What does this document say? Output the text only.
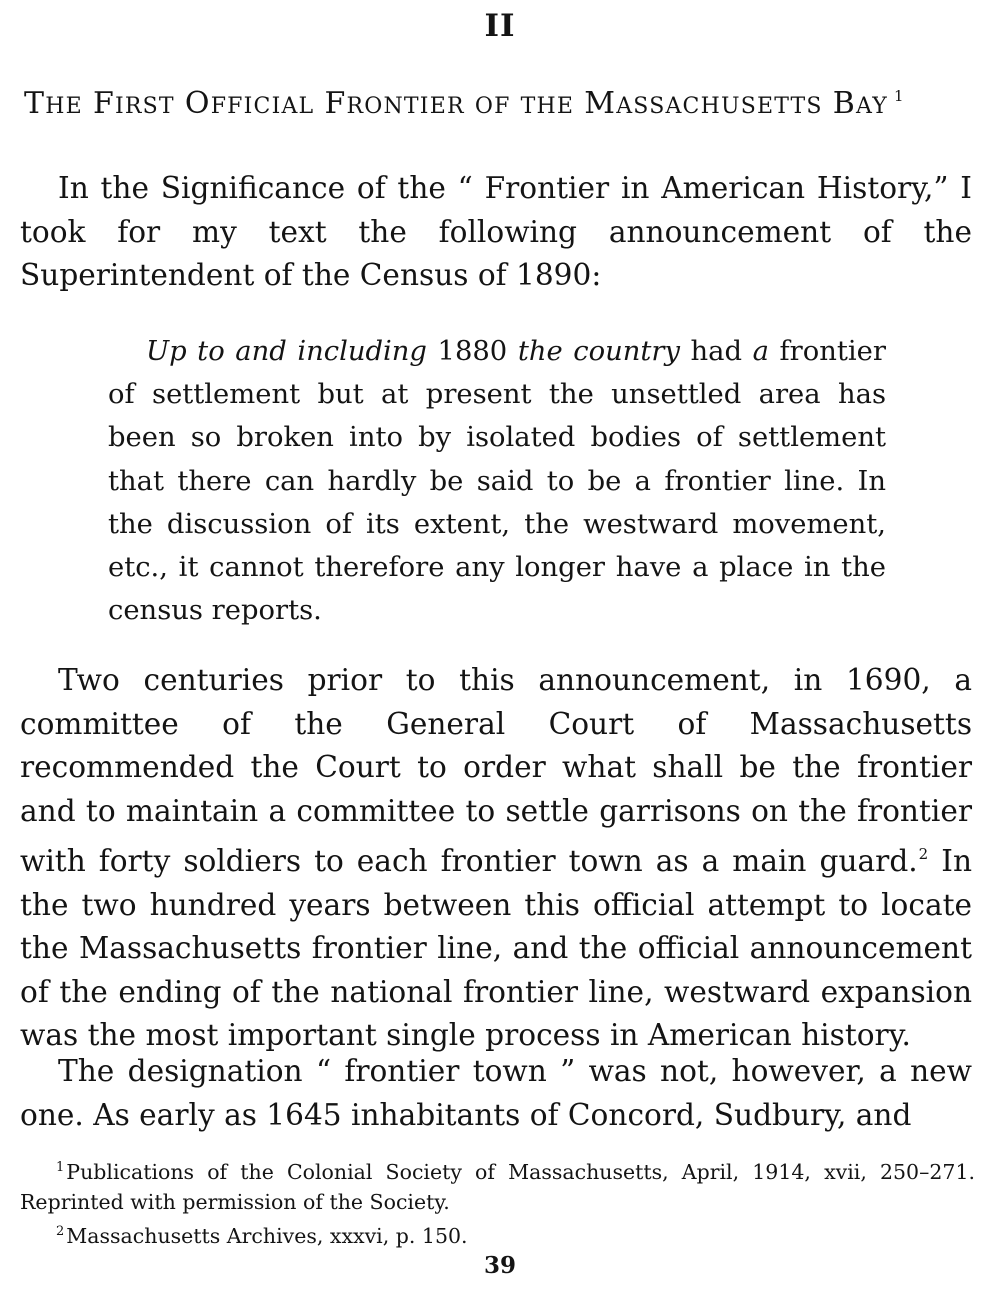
II
THE FIRST OFFICIAL FRONTIER OF THE MASSACHUSETTS BAY $^1$
In the Significance of the “ Frontier in American History,” I took for my text the following announcement of the Superintendent of the Census of 1890:
Up to and including 1880 the country had a frontier of settlement but at present the unsettled area has been so broken into by isolated bodies of settlement that there can hardly be said to be a frontier line. In the discussion of its extent, the westward movement, etc., it cannot therefore any longer have a place in the census reports.
Two centuries prior to this announcement, in 1690, a committee of the General Court of Massachusetts recommended the Court to order what shall be the frontier and to maintain a committee to settle garrisons on the frontier with forty soldiers to each frontier town as a main guard.$^2$ In the two hundred years between this official attempt to locate the Massachusetts frontier line, and the official announcement of the ending of the national frontier line, westward expansion was the most important single process in American history.
The designation “ frontier town ” was not, however, a new one. As early as 1645 inhabitants of Concord, Sudbury, and
$^1$Publications of the Colonial Society of Massachusetts, April, 1914, xvii, 250–271. Reprinted with permission of the Society.
$^2$Massachusetts Archives, xxxvi, p. 150.
39
